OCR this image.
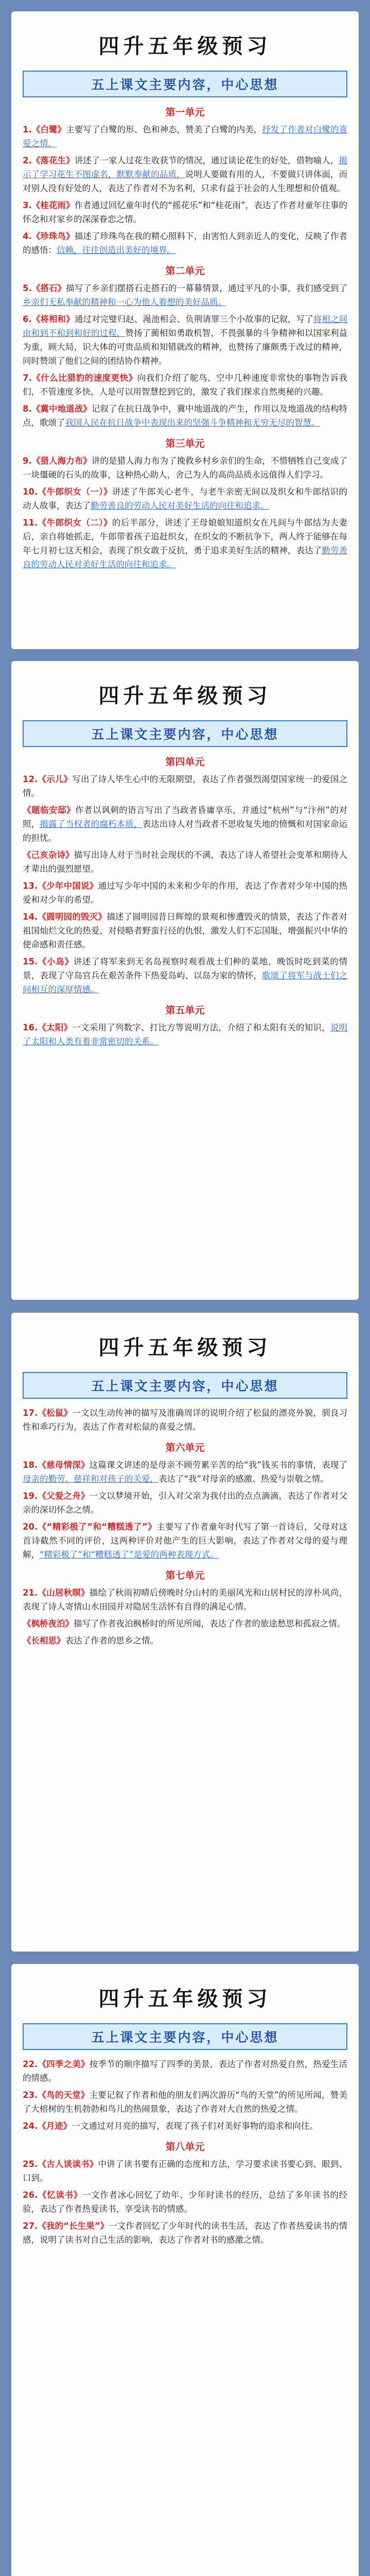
四升五年级预习
五上课文主要内容，中心思想
第一单元
1.《白鹭》主要写了白鹭的形、色和神态，赞美了白鹭的内美，抒发了作者对白鹭的喜爱之情。
2.《落花生》讲述了一家人过花生收获节的情况，通过谈论花生的好处，借物喻人，揭示了学习花生不图虚名，默默奉献的品质，说明人要做有用的人，不要做只讲体面，而对别人没有好处的人，表达了作者对不为名利，只求有益于社会的人生理想和价值观。
3.《桂花雨》作者通过回忆童年时代的“摇花乐”和“桂花雨”，表达了作者对童年往事的怀念和对家乡的深深眷恋之情。
4.《珍珠鸟》描述了珍珠鸟在我的精心照料下，由害怕人到亲近人的变化，反映了作者的感悟：信赖，往往创造出美好的境界。
第二单元
5.《搭石》描写了乡亲们摆搭石走搭石的一幕幕情景，通过平凡的小事，我们感受到了乡亲们无私奉献的精神和一心为他人着想的美好品质。
6.《将相和》通过对完璧归赵、渑池相会、负荆请罪三个小故事的记叙，写了将相之间由和到不和到和好的过程，赞扬了蔺相如勇敢机智，不畏强暴的斗争精神和以国家利益为重，顾大局，识大体的可贵品质和知错就改的精神，也赞扬了廉颇勇于改过的精神，同时赞颂了他们之间的团结协作精神。
7.《什么比猎豹的速度更快》向我们介绍了鸵鸟、空中几种速度非常快的事物告诉我们，不管速度多快，人是可以用智慧挖到它的，激发了我们探求自然奥秘的兴趣。
8.《冀中地道战》记叙了在抗日战争中，冀中地道战的产生，作用以及地道战的结构特点，歌颂了我国人民在抗日战争中表现出来的坚强斗争精神和无穷无尽的智慧。
第三单元
9.《猎人海力布》讲的是猎人海力布为了挽救乡村乡亲们的生命，不惜牺牲自己变成了一块僵硬的石头的故事，这种热心助人，舍己为人的高尚品质永远值得人们学习。
10.《牛郎织女（一）》讲述了牛郎关心老牛，与老牛亲密无间以及织女和牛郎结识的动人故事，表达了勤劳善良的劳动人民对美好生活的向往和追求。
11.《牛郎织女（二）》的后半部分，讲述了王母娘娘知道织女在凡间与牛郎结为夫妻后，亲自将她抓走，牛郎带着孩子追赶织女，在织女的不断抗争下，两人终于能够在每年七月初七这天相会，表现了织女敢于反抗，勇于追求美好生活的精神，表达了勤劳善良的劳动人民对美好生活的向往和追求。
四升五年级预习
五上课文主要内容，中心思想
第四单元
12.《示儿》写出了诗人毕生心中的无限期望，表达了作者强烈渴望国家统一的爱国之情。
《题临安邸》作者以讽刺的语言写出了当政者昏庸享乐，并通过“杭州”与“汴州”的对照，揭露了当权者的腐朽本质，表达出诗人对当政者不思收复失地的愤慨和对国家命运的担忧。
《己亥杂诗》描写出诗人对于当时社会现状的不满，表达了诗人希望社会变革和期待人才辈出的强烈愿望。
13.《少年中国说》通过写少年中国的未来和少年的作用，表达了作者对少年中国的热爱和对少年的希望。
14.《圆明园的毁灭》描述了圆明园昔日辉煌的景观和惨遭毁灭的情景，表达了作者对祖国灿烂文化的热爱，对侵略者野蛮行径的仇恨，激发人们不忘国耻，增强振兴中华的使命感和责任感。
15.《小岛》讲述了将军来到无名岛视察时观看战士们种的菜地，晚饭时吃到菜的情景，表现了守岛官兵在艰苦条件下热爱岛屿、以岛为家的情怀，歌颂了将军与战士们之间相互的深厚情感。
第五单元
16.《太阳》一文采用了列数字、打比方等说明方法，介绍了和太阳有关的知识，说明了太阳和人类有着非常密切的关系。
四升五年级预习
五上课文主要内容，中心思想
17.《松鼠》一文以生动传神的描写及准确周详的说明介绍了松鼠的漂亮外貌，驯良习性和乖巧行为，表达了作者对松鼠的喜爱之情。
第六单元
18.《慈母情深》这篇课文讲述的是母亲不顾劳累辛苦的给“我”钱买书的事情，表现了母亲的勤劳、慈祥和对孩子的关爱，表达了“我”对母亲的感激、热爱与崇敬之情。
19.《父爱之舟》一文以梦境开始，引入对父亲为我付出的点点滴滴，表达了作者对父亲的深切怀念之情。
20.《“精彩极了”和“糟糕透了”》主要写了作者童年时代写了第一首诗后，父母对这首诗截然不同的评价，这两种评价对他产生的巨大影响，表达了作者对父母的爱与理解，“精彩极了”和“糟糕透了”是爱的两种表现方式。
第七单元
21.《山居秋暝》描绘了秋雨初晴后傍晚时分山村的美丽风光和山居村民的淳朴风尚，表现了诗人寄情山水田园并对隐居生活怀有自得的满足心情。
《枫桥夜泊》描写了作者夜泊枫桥时的所见所闻，表达了作者的旅途愁思和孤寂之情。
《长相思》表达了作者的思乡之情。
四升五年级预习
五上课文主要内容，中心思想
22.《四季之美》按季节的顺序描写了四季的美景，表达了作者对热爱自然，热爱生活的情感。
23.《鸟的天堂》主要记叙了作者和他的朋友们两次游历“鸟的天堂”的所见所闻，赞美了大榕树的生机勃勃和鸟儿的热闹景象，表达了作者对大自然的热爱之情。
24.《月迹》一文通过对月亮的描写，表现了孩子们对美好事物的追求和向往。
第八单元
25.《古人谈读书》中讲了读书要有正确的态度和方法，学习要求读书要心到、眼到、口到。
26.《忆读书》一文作者冰心回忆了幼年、少年时读书的经历，总结了多年读书的经验，表达了作者热爱读书，享受读书的情感。
27.《我的“长生果”》一文作者回忆了少年时代的读书生活，表达了作者热爱读书的情感，说明了读书对自己生活的影响，表达了作者对书的感激之情。
